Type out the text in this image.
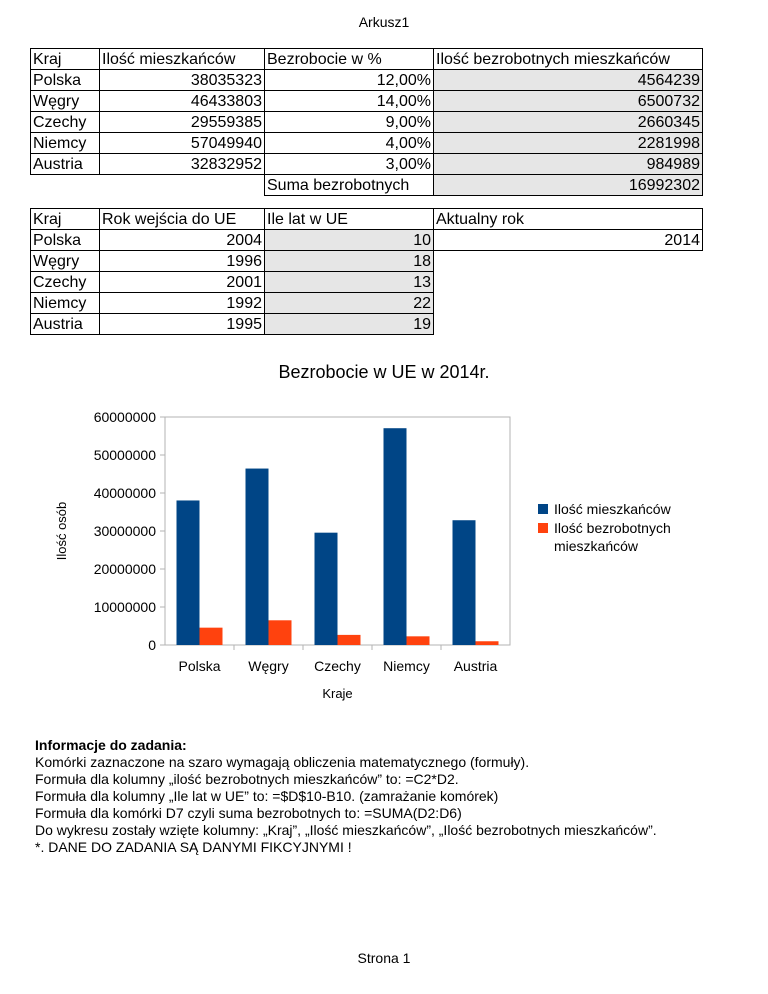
Arkusz1
Kraj	Ilość mieszkańców	Bezrobocie w %	Ilość bezrobotnych mieszkańców
Polska	38035323	12,00%	4564239
Węgry	46433803	14,00%	6500732
Czechy	29559385	9,00%	2660345
Niemcy	57049940	4,00%	2281998
Austria	32832952	3,00%	984989
		Suma bezrobotnych	16992302
Kraj	Rok wejścia do UE	Ile lat w UE	Aktualny rok
Polska	2004	10	2014
Węgry	1996	18	
Czechy	2001	13	
Niemcy	1992	22	
Austria	1995	19	
Bezrobocie w UE w 2014r.
0
10000000
20000000
30000000
40000000
50000000
60000000
Polska Węgry Czechy Niemcy Austria
Kraje
Ilość osób	Ilość mieszkańców
Ilość bezrobotnych mieszkańców
Informacje do zadania:
Komórki zaznaczone na szaro wymagają obliczenia matematycznego (formuły).
Formuła dla kolumny „ilość bezrobotnych mieszkańców” to: =C2*D2.
Formuła dla kolumny „Ile lat w UE” to: =$D$10-B10. (zamrażanie komórek)
Formuła dla komórki D7 czyli suma bezrobotnych to: =SUMA(D2:D6)
Do wykresu zostały wzięte kolumny: „Kraj”, „Ilość mieszkańców”, „Ilość bezrobotnych mieszkańców”.
*. DANE DO ZADANIA SĄ DANYMI FIKCYJNYMI !
Strona 1
